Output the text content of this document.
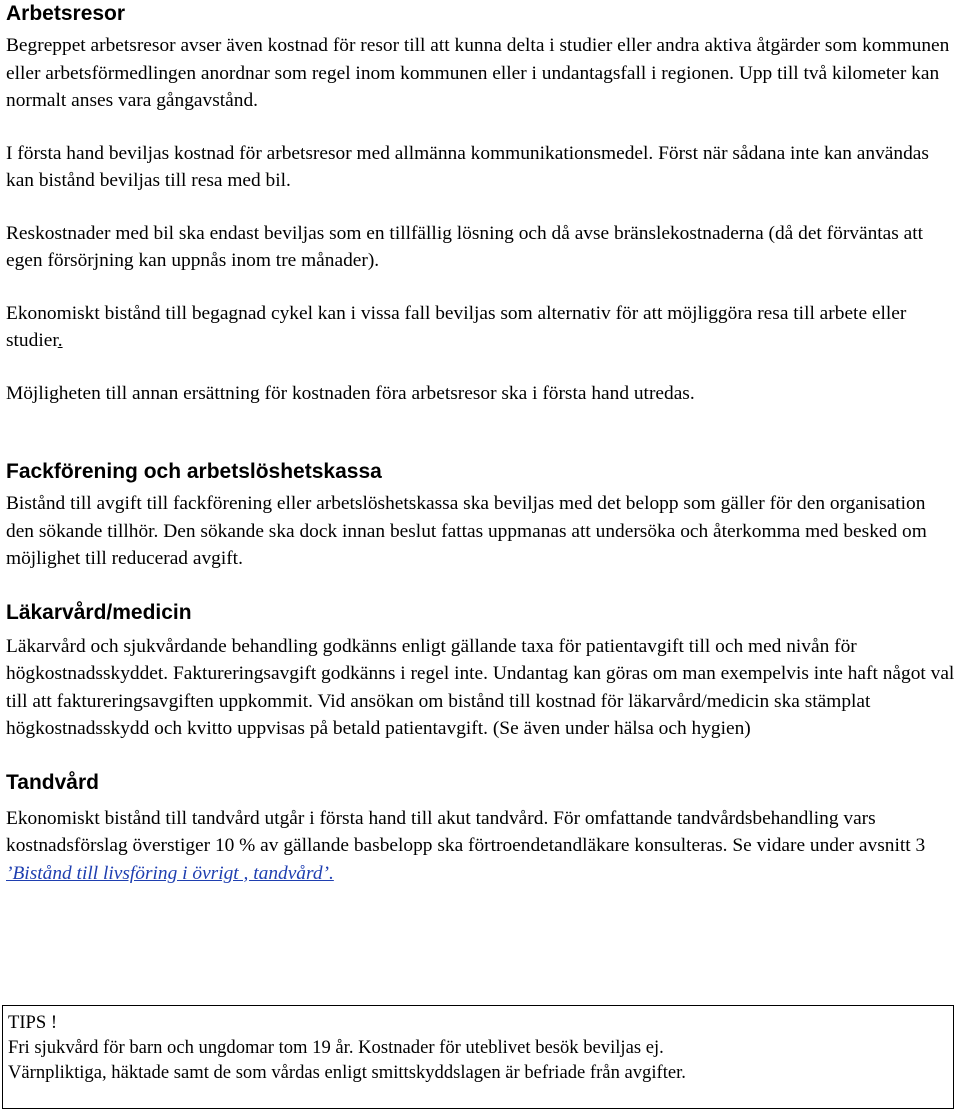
Arbetsresor

Begreppet arbetsresor avser även kostnad för resor till att kunna delta i studier eller andra aktiva åtgärder som kommunen eller arbetsförmedlingen anordnar som regel inom kommunen eller i undantagsfall i regionen. Upp till två kilometer kan normalt anses vara gångavstånd.

I första hand beviljas kostnad för arbetsresor med allmänna kommunikationsmedel. Först när sådana inte kan användas kan bistånd beviljas till resa med bil.

Reskostnader med bil ska endast beviljas som en tillfällig lösning och då avse bränslekostnaderna (då det förväntas att egen försörjning kan uppnås inom tre månader).

Ekonomiskt bistånd till begagnad cykel kan i vissa fall beviljas som alternativ för att möjliggöra resa till arbete eller studier.

Möjligheten till annan ersättning för kostnaden föra arbetsresor ska i första hand utredas.

Fackförening och arbetslöshetskassa

Bistånd till avgift till fackförening eller arbetslöshetskassa ska beviljas med det belopp som gäller för den organisation den sökande tillhör. Den sökande ska dock innan beslut fattas uppmanas att undersöka och återkomma med besked om möjlighet till reducerad avgift.

Läkarvård/medicin

Läkarvård och sjukvårdande behandling godkänns enligt gällande taxa för patientavgift till och med nivån för högkostnadsskyddet. Faktureringsavgift godkänns i regel inte. Undantag kan göras om man exempelvis inte haft något val till att faktureringsavgiften uppkommit. Vid ansökan om bistånd till kostnad för läkarvård/medicin ska stämplat högkostnadsskydd och kvitto uppvisas på betald patientavgift. (Se även under hälsa och hygien)

Tandvård

Ekonomiskt bistånd till tandvård utgår i första hand till akut tandvård. För omfattande tandvårdsbehandling vars kostnadsförslag överstiger 10 % av gällande basbelopp ska förtroendetandläkare konsulteras. Se vidare under avsnitt 3 ’Bistånd till livsföring i övrigt , tandvård’.

TIPS !
Fri sjukvård för barn och ungdomar tom 19 år. Kostnader för uteblivet besök beviljas ej.
Värnpliktiga, häktade samt de som vårdas enligt smittskyddslagen är befriade från avgifter.
